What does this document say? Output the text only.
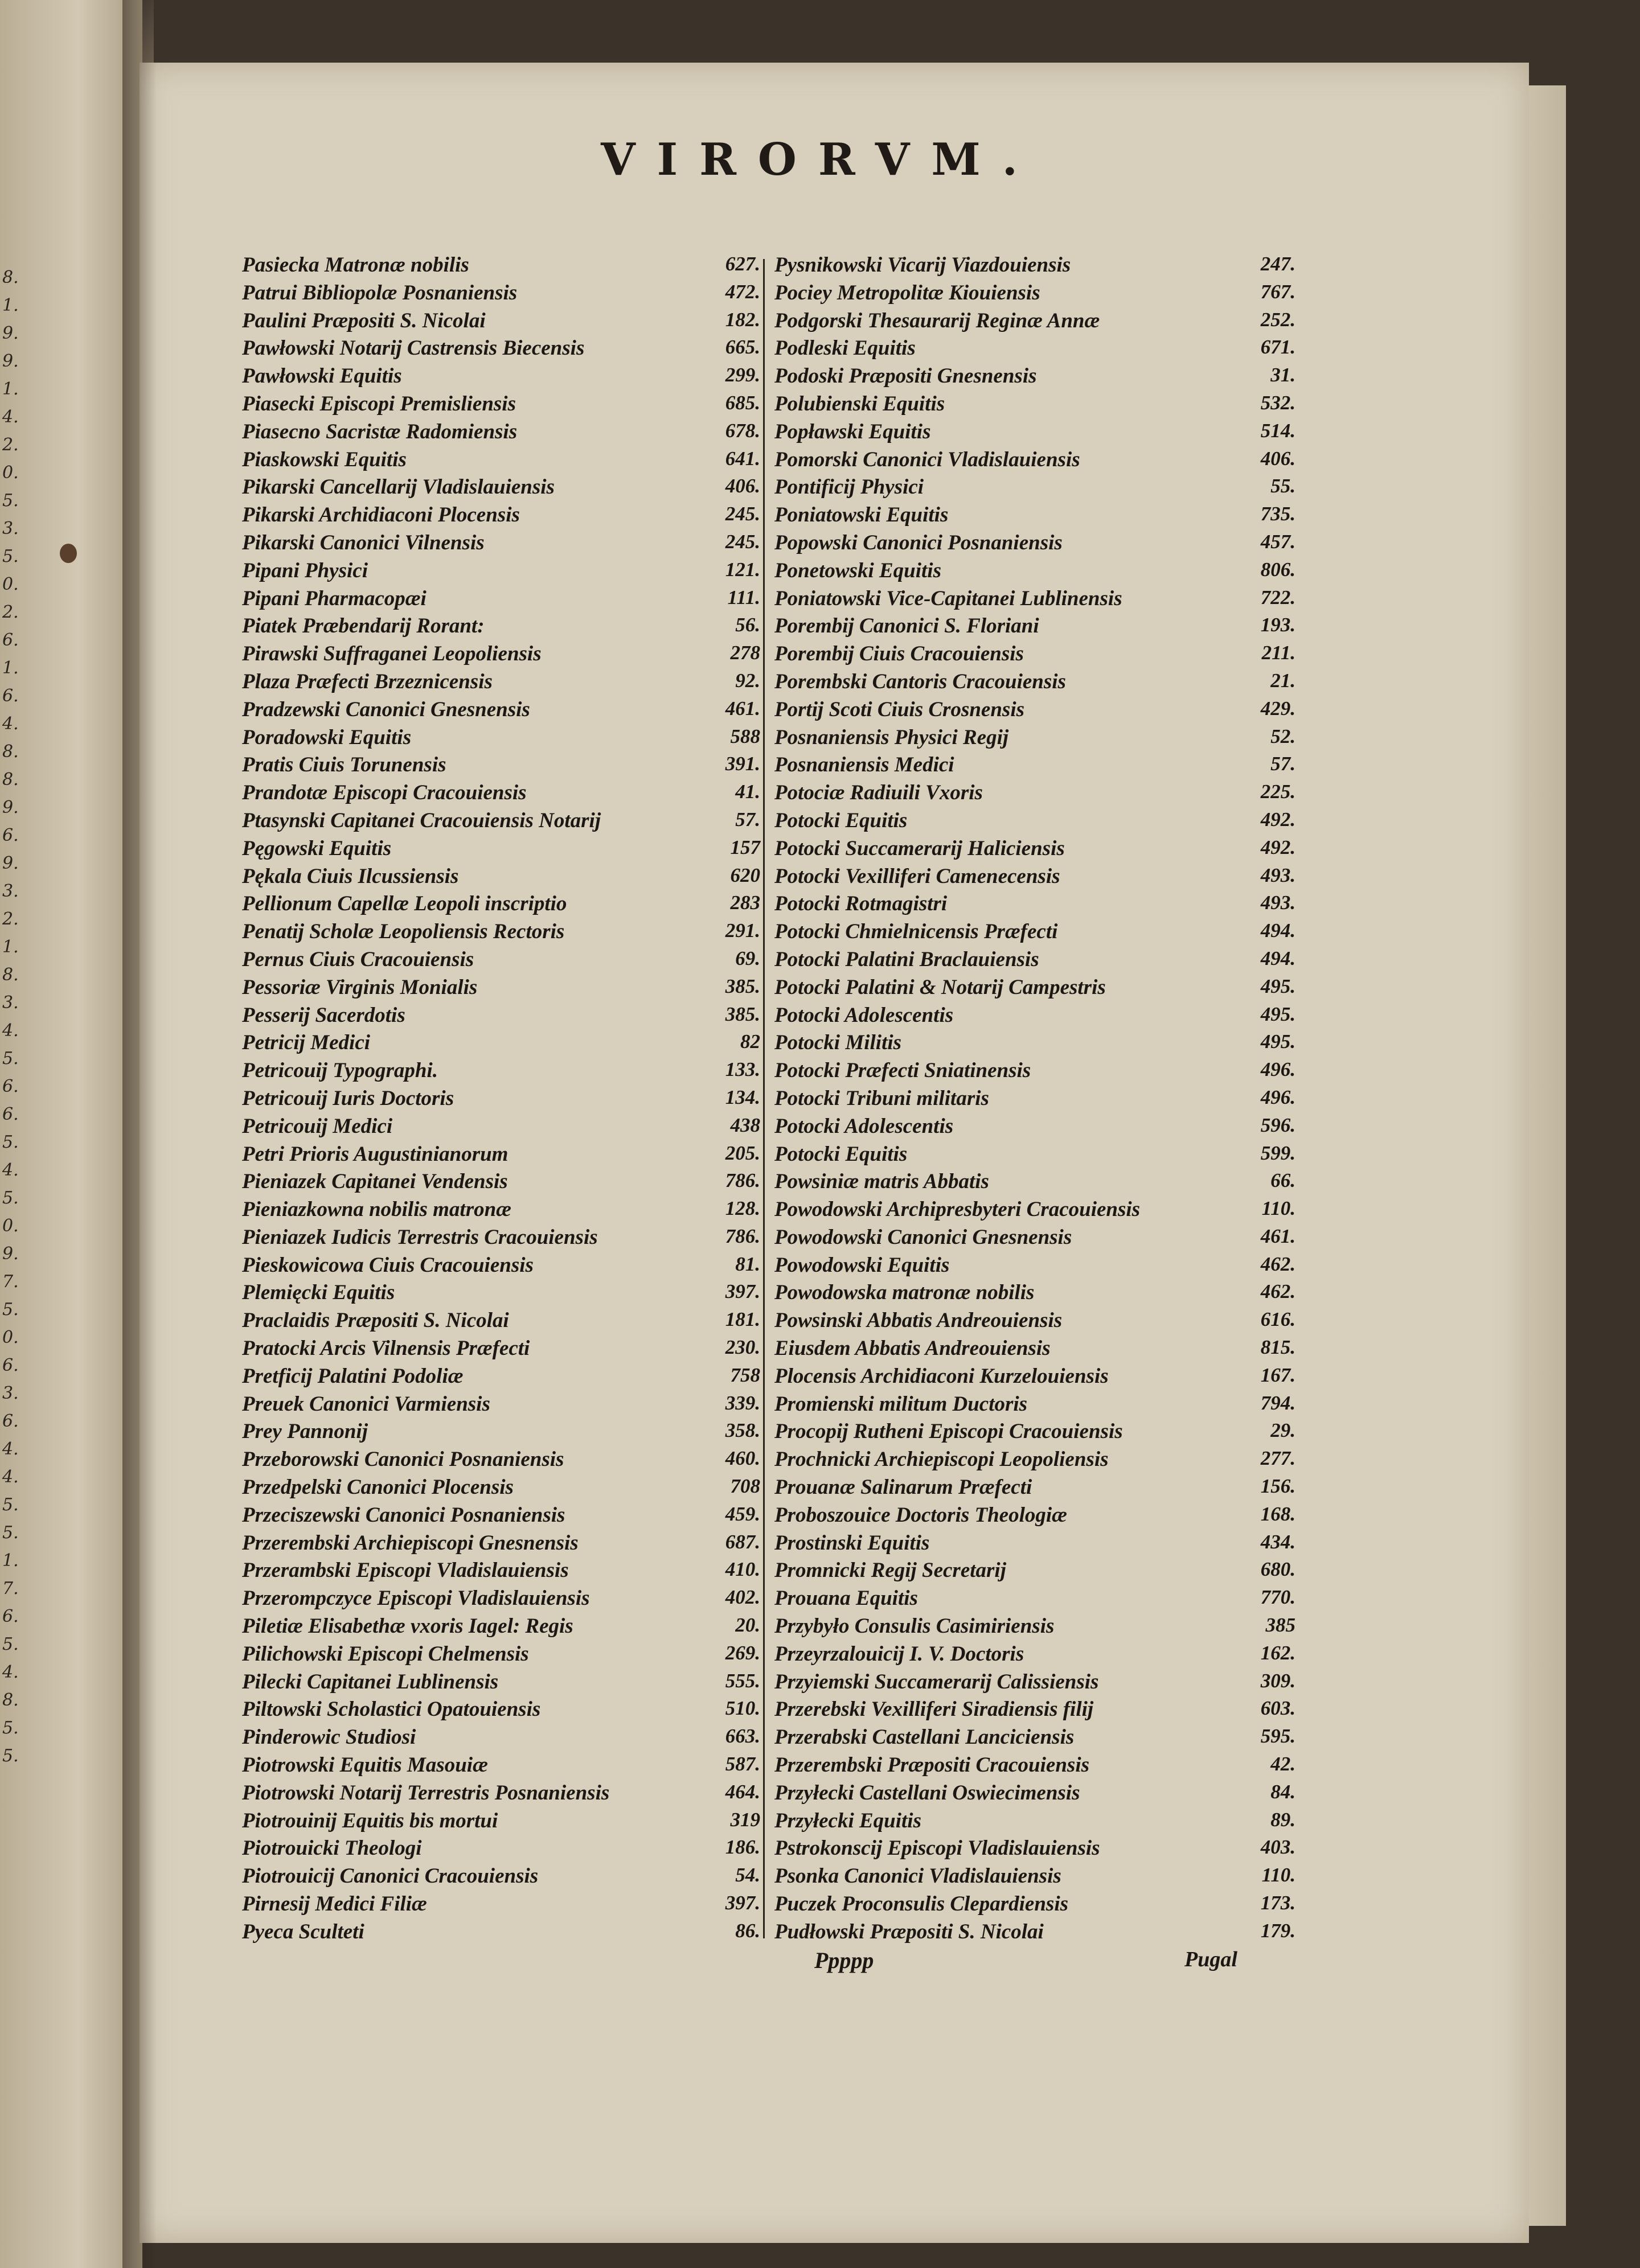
8.
1.
9.
9.
1.
4.
2.
0.
5.
3.
5.
0.
2.
6.
1.
6.
4.
8.
8.
9.
6.
9.
3.
2.
1.
8.
3.
4.
5.
6.
6.
5.
4.
5.
0.
9.
7.
5.
0.
6.
3.
6.
4.
4.
5.
5.
1.
7.
6.
5.
4.
8.
5.
5.
VIRORVM.
Pasiecka Matronæ nobilis	627.
Patrui Bibliopolæ Posnaniensis	472.
Paulini Præpositi S. Nicolai	182.
Pawłowski Notarij Castrensis Biecensis	665.
Pawłowski Equitis	299.
Piasecki Episcopi Premisliensis	685.
Piasecno Sacristæ Radomiensis	678.
Piaskowski Equitis	641.
Pikarski Cancellarij Vladislauiensis	406.
Pikarski Archidiaconi Plocensis	245.
Pikarski Canonici Vilnensis	245.
Pipani Physici	121.
Pipani Pharmacopæi	111.
Piatek Præbendarij Rorant:	56.
Pirawski Suffraganei Leopoliensis	278
Plaza Præfecti Brzeznicensis	92.
Pradzewski Canonici Gnesnensis	461.
Poradowski Equitis	588
Pratis Ciuis Torunensis	391.
Prandotæ Episcopi Cracouiensis	41.
Ptasynski Capitanei Cracouiensis Notarij	57.
Pęgowski Equitis	157
Pękala Ciuis Ilcussiensis	620
Pellionum Capellæ Leopoli inscriptio	283
Penatij Scholæ Leopoliensis Rectoris	291.
Pernus Ciuis Cracouiensis	69.
Pessoriæ Virginis Monialis	385.
Pesserij Sacerdotis	385.
Petricij Medici	82
Petricouij Typographi.	133.
Petricouij Iuris Doctoris	134.
Petricouij Medici	438
Petri Prioris Augustinianorum	205.
Pieniazek Capitanei Vendensis	786.
Pieniazkowna nobilis matronæ	128.
Pieniazek Iudicis Terrestris Cracouiensis	786.
Pieskowicowa Ciuis Cracouiensis	81.
Plemięcki Equitis	397.
Praclaidis Præpositi S. Nicolai	181.
Pratocki Arcis Vilnensis Præfecti	230.
Pretficij Palatini Podoliæ	758
Preuek Canonici Varmiensis	339.
Prey Pannonij	358.
Przeborowski Canonici Posnaniensis	460.
Przedpelski Canonici Plocensis	708
Przeciszewski Canonici Posnaniensis	459.
Przerembski Archiepiscopi Gnesnensis	687.
Przerambski Episcopi Vladislauiensis	410.
Przerompczyce Episcopi Vladislauiensis	402.
Piletiæ Elisabethæ vxoris Iagel: Regis	20.
Pilichowski Episcopi Chelmensis	269.
Pilecki Capitanei Lublinensis	555.
Piltowski Scholastici Opatouiensis	510.
Pinderowic Studiosi	663.
Piotrowski Equitis Masouiæ	587.
Piotrowski Notarij Terrestris Posnaniensis	464.
Piotrouinij Equitis bis mortui	319
Piotrouicki Theologi	186.
Piotrouicij Canonici Cracouiensis	54.
Pirnesij Medici Filiæ	397.
Pyeca Sculteti	86.
Pysnikowski Vicarij Viazdouiensis	247.
Pociey Metropolitæ Kiouiensis	767.
Podgorski Thesaurarij Reginæ Annæ	252.
Podleski Equitis	671.
Podoski Præpositi Gnesnensis	31.
Polubienski Equitis	532.
Popławski Equitis	514.
Pomorski Canonici Vladislauiensis	406.
Pontificij Physici	55.
Poniatowski Equitis	735.
Popowski Canonici Posnaniensis	457.
Ponetowski Equitis	806.
Poniatowski Vice-Capitanei Lublinensis	722.
Porembij Canonici S. Floriani	193.
Porembij Ciuis Cracouiensis	211.
Porembski Cantoris Cracouiensis	21.
Portij Scoti Ciuis Crosnensis	429.
Posnaniensis Physici Regij	52.
Posnaniensis Medici	57.
Potociæ Radiuili Vxoris	225.
Potocki Equitis	492.
Potocki Succamerarij Haliciensis	492.
Potocki Vexilliferi Camenecensis	493.
Potocki Rotmagistri	493.
Potocki Chmielnicensis Præfecti	494.
Potocki Palatini Braclauiensis	494.
Potocki Palatini & Notarij Campestris	495.
Potocki Adolescentis	495.
Potocki Militis	495.
Potocki Præfecti Sniatinensis	496.
Potocki Tribuni militaris	496.
Potocki Adolescentis	596.
Potocki Equitis	599.
Powsiniæ matris Abbatis	66.
Powodowski Archipresbyteri Cracouiensis	110.
Powodowski Canonici Gnesnensis	461.
Powodowski Equitis	462.
Powodowska matronæ nobilis	462.
Powsinski Abbatis Andreouiensis	616.
Eiusdem Abbatis Andreouiensis	815.
Plocensis Archidiaconi Kurzelouiensis	167.
Promienski militum Ductoris	794.
Procopij Rutheni Episcopi Cracouiensis	29.
Prochnicki Archiepiscopi Leopoliensis	277.
Prouanæ Salinarum Præfecti	156.
Proboszouice Doctoris Theologiæ	168.
Prostinski Equitis	434.
Promnicki Regij Secretarij	680.
Prouana Equitis	770.
Przybyło Consulis Casimiriensis	385
Przeyrzalouicij I. V. Doctoris	162.
Przyiemski Succamerarij Calissiensis	309.
Przerebski Vexilliferi Siradiensis filij	603.
Przerabski Castellani Lanciciensis	595.
Przerembski Præpositi Cracouiensis	42.
Przyłecki Castellani Oswiecimensis	84.
Przyłecki Equitis	89.
Pstrokonscij Episcopi Vladislauiensis	403.
Psonka Canonici Vladislauiensis	110.
Puczek Proconsulis Clepardiensis	173.
Pudłowski Præpositi S. Nicolai	179.
Ppppp	Pugal
